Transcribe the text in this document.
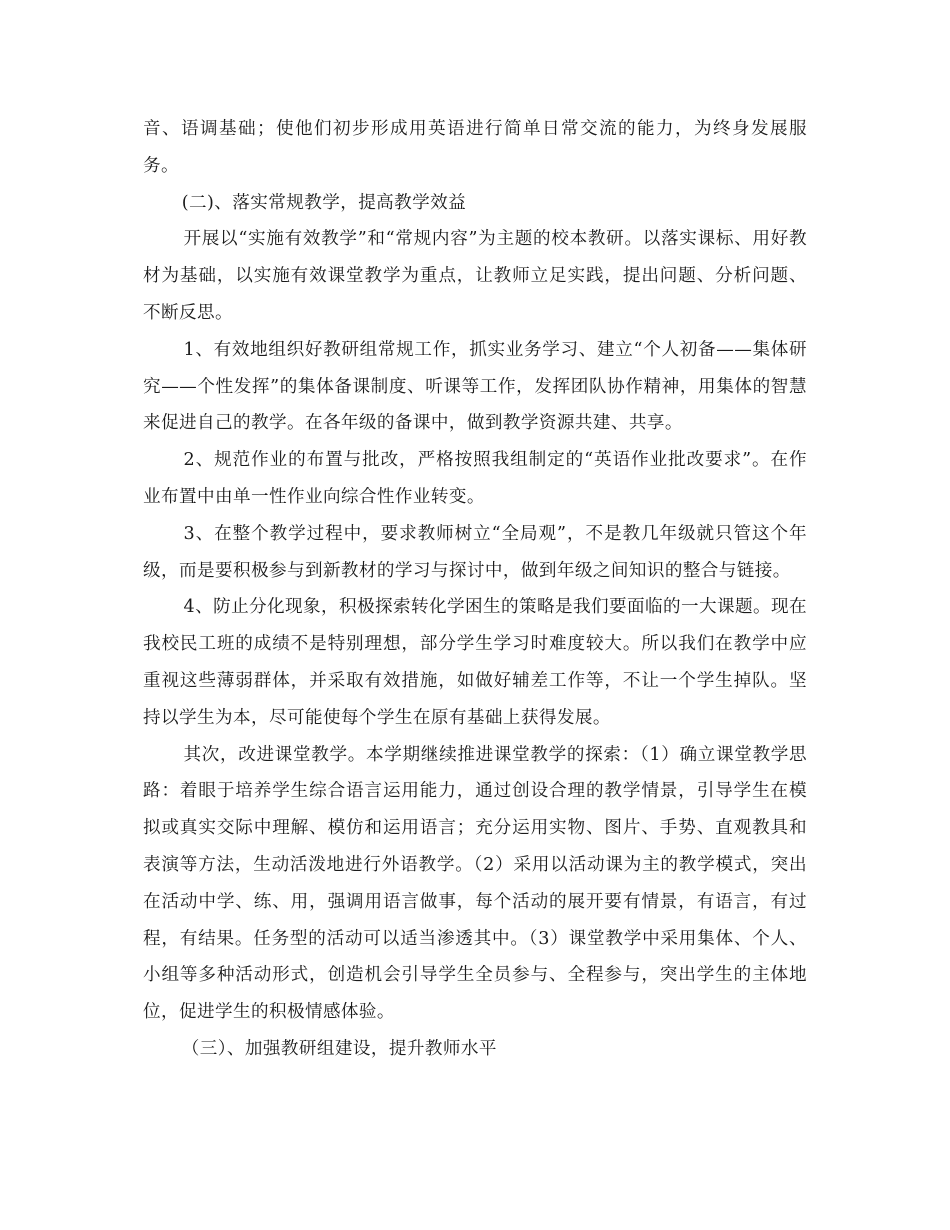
音、语调基础；使他们初步形成用英语进行简单日常交流的能力，为终身发展服务。

(二)、落实常规教学，提高教学效益

开展以“实施有效教学”和“常规内容”为主题的校本教研。以落实课标、用好教材为基础，以实施有效课堂教学为重点，让教师立足实践，提出问题、分析问题、不断反思。

1、有效地组织好教研组常规工作，抓实业务学习、建立“个人初备——集体研究——个性发挥”的集体备课制度、听课等工作，发挥团队协作精神，用集体的智慧来促进自己的教学。在各年级的备课中，做到教学资源共建、共享。

2、规范作业的布置与批改，严格按照我组制定的“英语作业批改要求”。在作业布置中由单一性作业向综合性作业转变。

3、在整个教学过程中，要求教师树立“全局观”，不是教几年级就只管这个年级，而是要积极参与到新教材的学习与探讨中，做到年级之间知识的整合与链接。

4、防止分化现象，积极探索转化学困生的策略是我们要面临的一大课题。现在我校民工班的成绩不是特别理想，部分学生学习时难度较大。所以我们在教学中应重视这些薄弱群体，并采取有效措施，如做好辅差工作等，不让一个学生掉队。坚持以学生为本，尽可能使每个学生在原有基础上获得发展。

其次，改进课堂教学。本学期继续推进课堂教学的探索：（1）确立课堂教学思路：着眼于培养学生综合语言运用能力，通过创设合理的教学情景，引导学生在模拟或真实交际中理解、模仿和运用语言；充分运用实物、图片、手势、直观教具和表演等方法，生动活泼地进行外语教学。（2）采用以活动课为主的教学模式，突出在活动中学、练、用，强调用语言做事，每个活动的展开要有情景，有语言，有过程，有结果。任务型的活动可以适当渗透其中。（3）课堂教学中采用集体、个人、小组等多种活动形式，创造机会引导学生全员参与、全程参与，突出学生的主体地位，促进学生的积极情感体验。

（三）、加强教研组建设，提升教师水平
